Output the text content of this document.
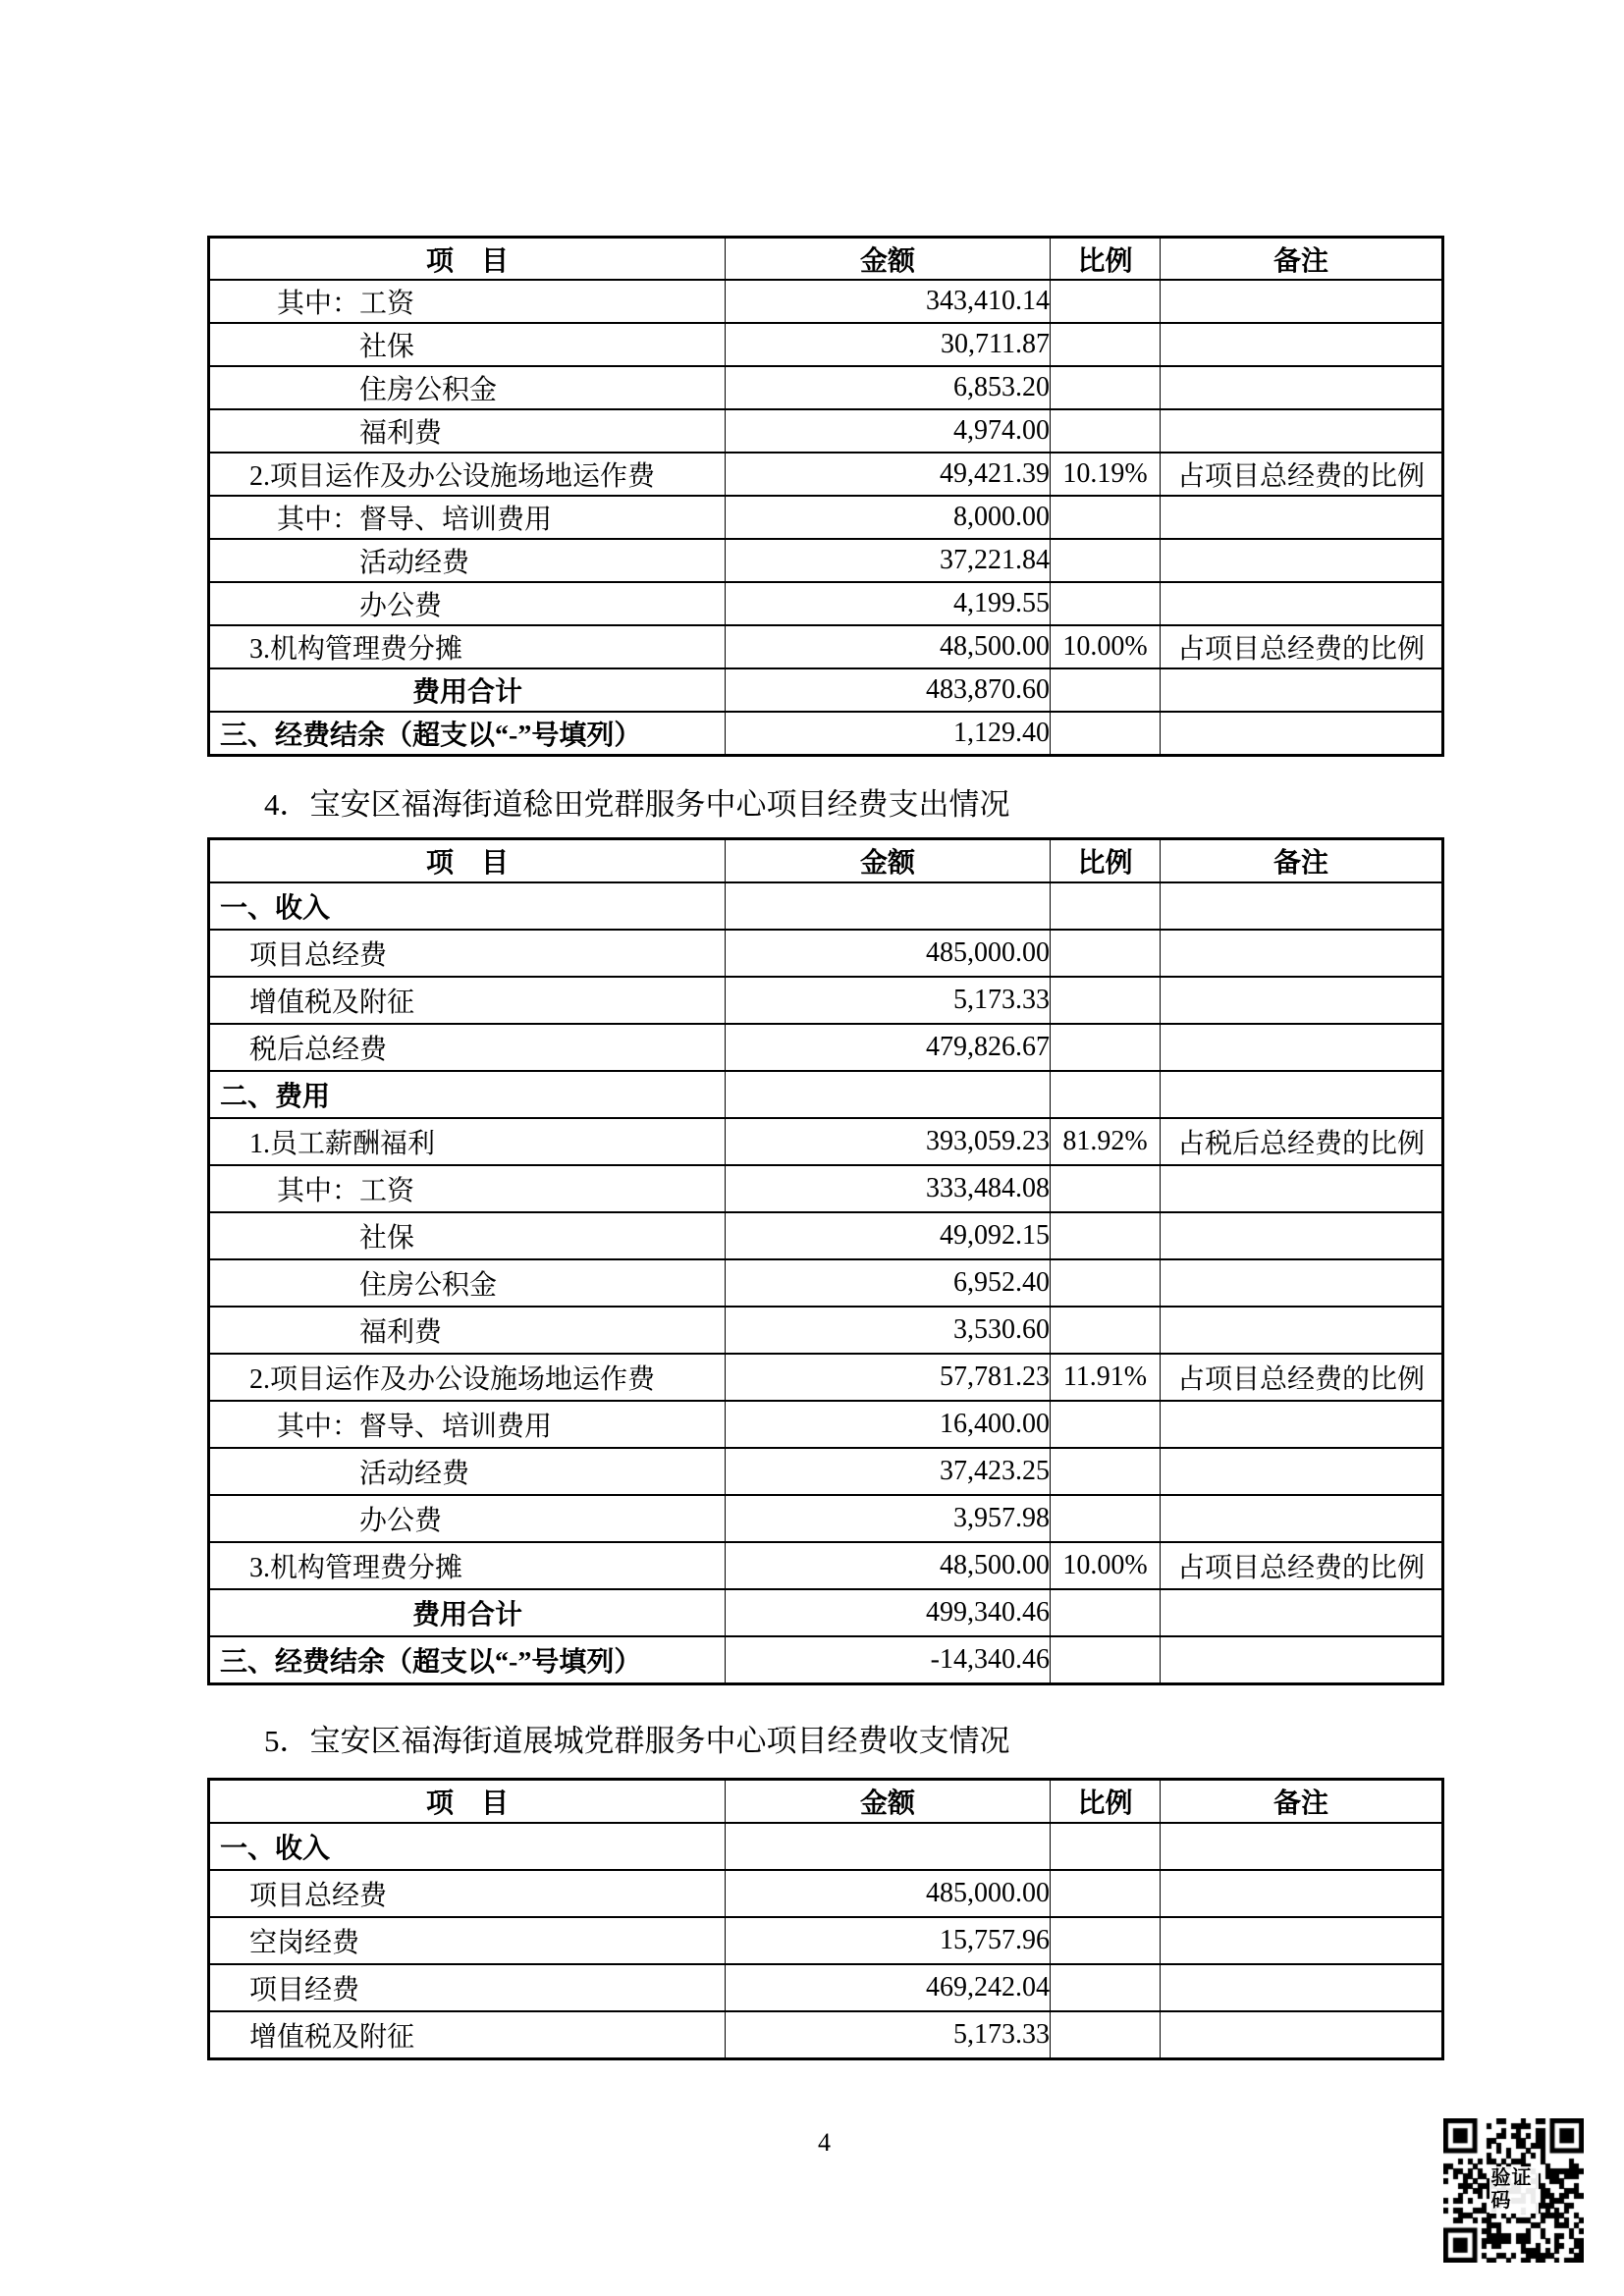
项　目	金额	比例	备注
其中：工资	343,410.14		
社保	30,711.87		
住房公积金	6,853.20		
福利费	4,974.00		
2.项目运作及办公设施场地运作费	49,421.39	10.19%	占项目总经费的比例
其中：督导、培训费用	8,000.00		
活动经费	37,221.84		
办公费	4,199.55		
3.机构管理费分摊	48,500.00	10.00%	占项目总经费的比例
费用合计	483,870.60		
三、经费结余（超支以“-”号填列）	1,129.40		
4．宝安区福海街道稔田党群服务中心项目经费支出情况
项　目	金额	比例	备注
一、收入			
项目总经费	485,000.00		
增值税及附征	5,173.33		
税后总经费	479,826.67		
二、费用			
1.员工薪酬福利	393,059.23	81.92%	占税后总经费的比例
其中：工资	333,484.08		
社保	49,092.15		
住房公积金	6,952.40		
福利费	3,530.60		
2.项目运作及办公设施场地运作费	57,781.23	11.91%	占项目总经费的比例
其中：督导、培训费用	16,400.00		
活动经费	37,423.25		
办公费	3,957.98		
3.机构管理费分摊	48,500.00	10.00%	占项目总经费的比例
费用合计	499,340.46		
三、经费结余（超支以“-”号填列）	-14,340.46		
5．宝安区福海街道展城党群服务中心项目经费收支情况
项　目	金额	比例	备注
一、收入			
项目总经费	485,000.00		
空岗经费	15,757.96		
项目经费	469,242.04		
增值税及附征	5,173.33		
4
验证码
